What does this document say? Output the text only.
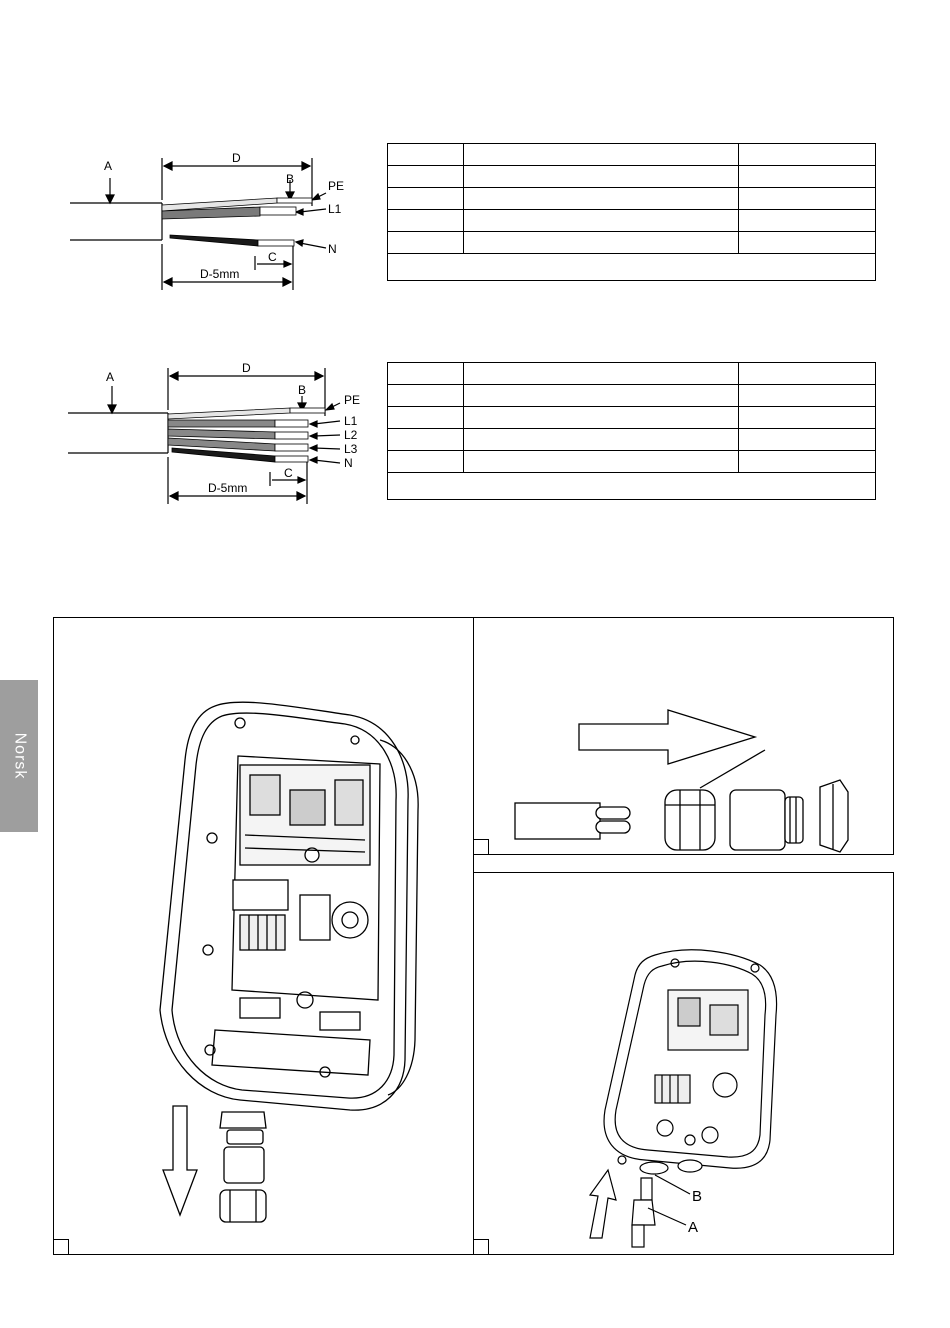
Norsk
A
D
B	PE
L1
N
C
D-5mm

A
D
B
PE
L1
L2
L3
N
C
D-5mm

B
A
